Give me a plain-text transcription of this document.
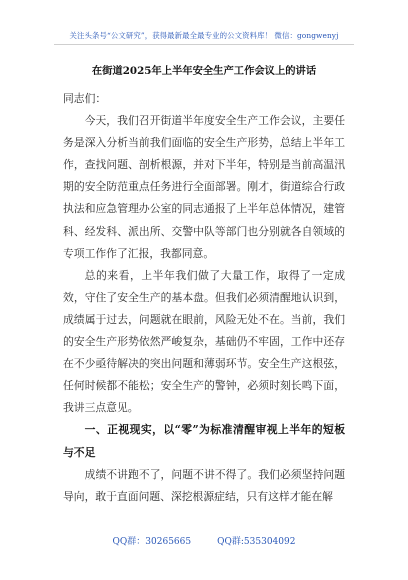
关注头条号“公文研究”，获得最新最全最专业的公文资料库！ 微信：gongwenyj
在街道2025年上半年安全生产工作会议上的讲话

同志们：

今天，我们召开街道半年度安全生产工作会议，主要任务是深入分析当前我们面临的安全生产形势，总结上半年工作，查找问题、剖析根源，并对下半年，特别是当前高温汛期的安全防范重点任务进行全面部署。刚才，街道综合行政执法和应急管理办公室的同志通报了上半年总体情况，建管科、经发科、派出所、交警中队等部门也分别就各自领域的专项工作作了汇报，我都同意。

总的来看，上半年我们做了大量工作，取得了一定成效，守住了安全生产的基本盘。但我们必须清醒地认识到，成绩属于过去，问题就在眼前，风险无处不在。当前，我们的安全生产形势依然严峻复杂，基础仍不牢固，工作中还存在不少亟待解决的突出问题和薄弱环节。安全生产这根弦，任何时候都不能松；安全生产的警钟，必须时刻长鸣下面，我讲三点意见。

一、正视现实，以“零”为标准清醒审视上半年的短板与不足

成绩不讲跑不了，问题不讲不得了。我们必须坚持问题导向，敢于直面问题、深挖根源症结，只有这样才能在解

QQ群：30265665	QQ群:535304092
